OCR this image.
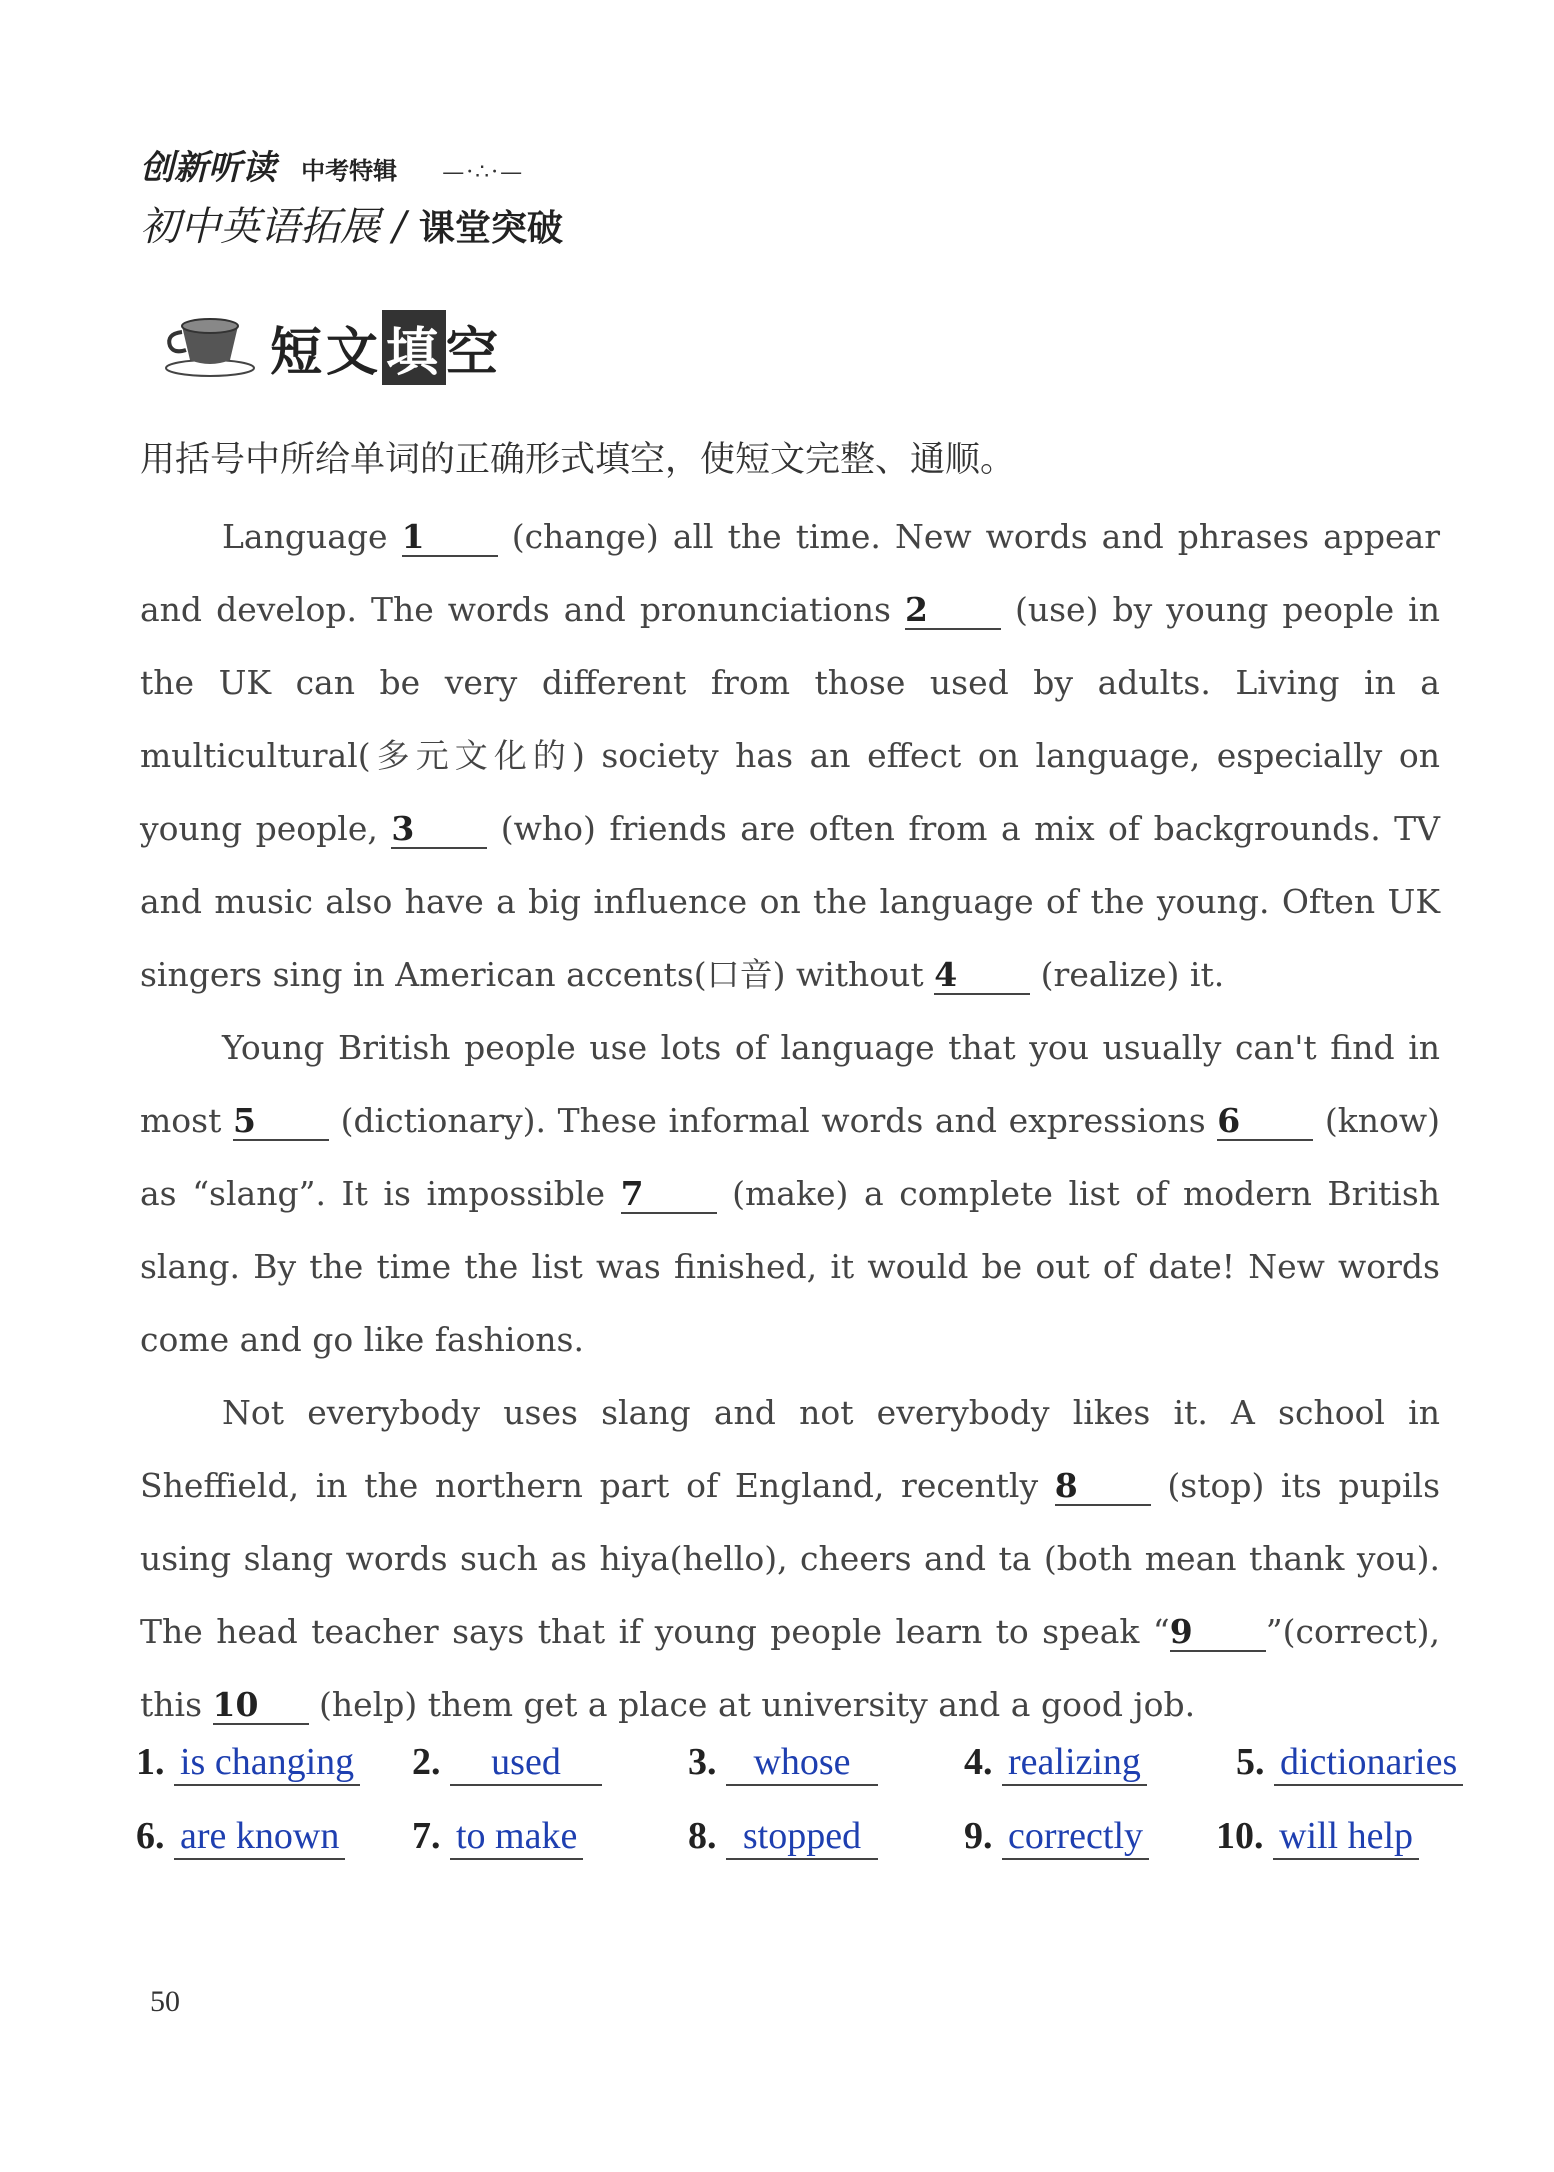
创新听读 中考特辑 —·∴·—
初中英语拓展 / 课堂突破
短文填空
用括号中所给单词的正确形式填空，使短文完整、通顺。

Language 1 (change) all the time. New words and phrases appear

and develop. The words and pronunciations 2 (use) by young people in

the UK can be very different from those used by adults. Living in a

multicultural(多元文化的) society has an effect on language, especially on

young people, 3 (who) friends are often from a mix of backgrounds. TV

and music also have a big influence on the language of the young. Often UK

singers sing in American accents(口音) without 4 (realize) it.

Young British people use lots of language that you usually can't find in

most 5 (dictionary). These informal words and expressions 6 (know)

as “slang”. It is impossible 7 (make) a complete list of modern British

slang. By the time the list was finished, it would be out of date! New words

come and go like fashions.

Not everybody uses slang and not everybody likes it. A school in

Sheffield, in the northern part of England, recently 8 (stop) its pupils

using slang words such as hiya(hello), cheers and ta (both mean thank you).

The head teacher says that if young people learn to speak “9 ”(correct),

this 10 (help) them get a place at university and a good job.

1. is changing 2. used	3. whose	4. realizing	5. dictionaries
6. are known 7. to make	8. stopped	9. correctly 10. will help
50
